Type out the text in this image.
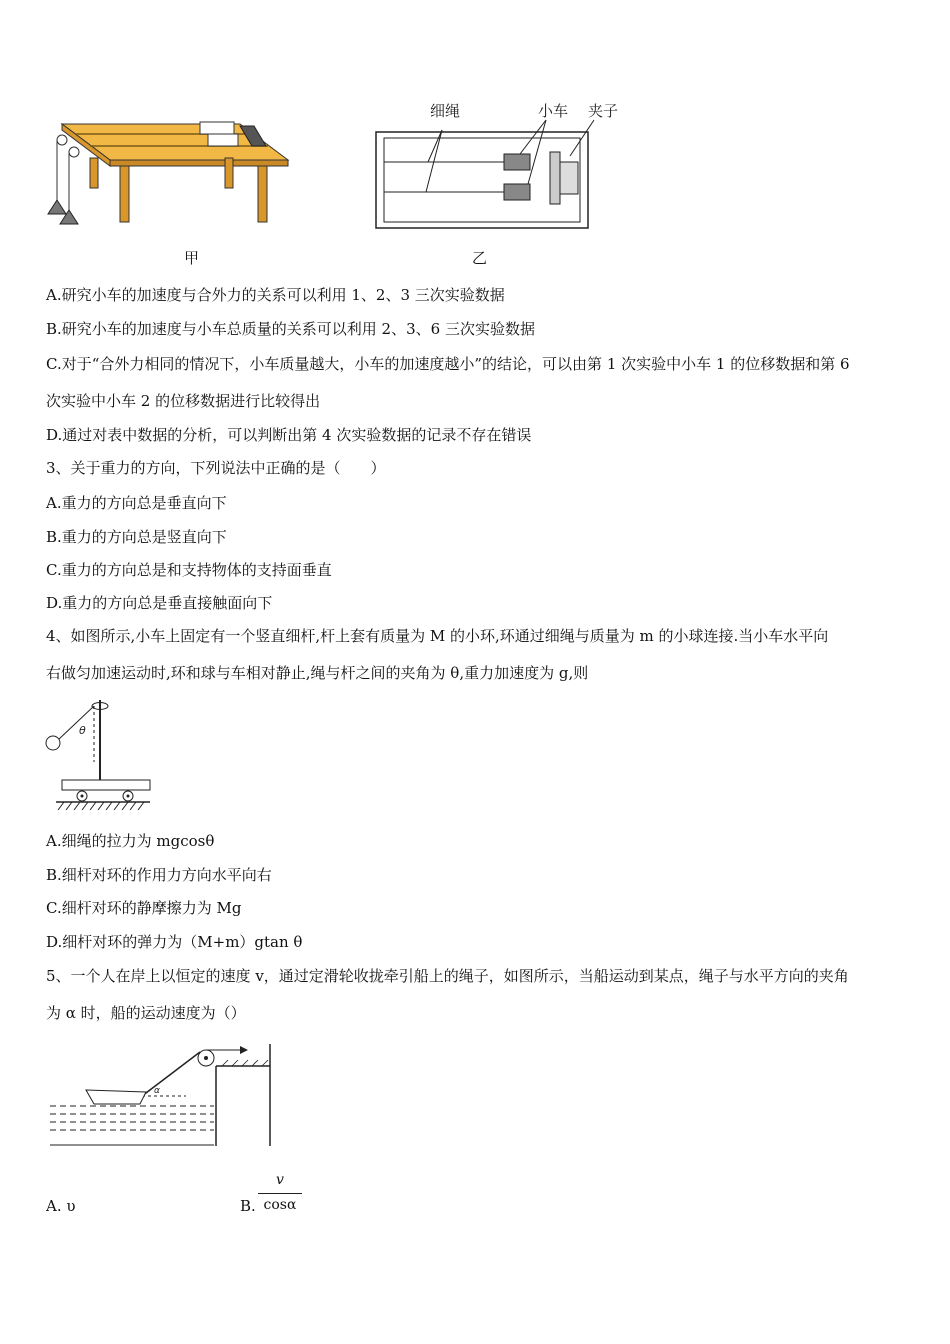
甲
细绳	小车 夹子
乙
A.研究小车的加速度与合外力的关系可以利用 1、2、3 三次实验数据
B.研究小车的加速度与小车总质量的关系可以利用 2、3、6 三次实验数据
C.对于“合外力相同的情况下，小车质量越大，小车的加速度越小”的结论，可以由第 1 次实验中小车 1 的位移数据和第 6
次实验中小车 2 的位移数据进行比较得出
D.通过对表中数据的分析，可以判断出第 4 次实验数据的记录不存在错误
3、关于重力的方向，下列说法中正确的是（　　）
A.重力的方向总是垂直向下
B.重力的方向总是竖直向下
C.重力的方向总是和支持物体的支持面垂直
D.重力的方向总是垂直接触面向下
4、如图所示,小车上固定有一个竖直细杆,杆上套有质量为 M 的小环,环通过细绳与质量为 m 的小球连接.当小车水平向
右做匀加速运动时,环和球与车相对静止,绳与杆之间的夹角为 θ,重力加速度为 g,则
θ
A.细绳的拉力为 mgcosθ
B.细杆对环的作用力方向水平向右
C.细杆对环的静摩擦力为 Mg
D.细杆对环的弹力为（M+m）gtan θ
5、一个人在岸上以恒定的速度 v，通过定滑轮收拢牵引船上的绳子，如图所示，当船运动到某点，绳子与水平方向的夹角
为 α 时，船的运动速度为（）
α
A. υ	B.
v
cosα
